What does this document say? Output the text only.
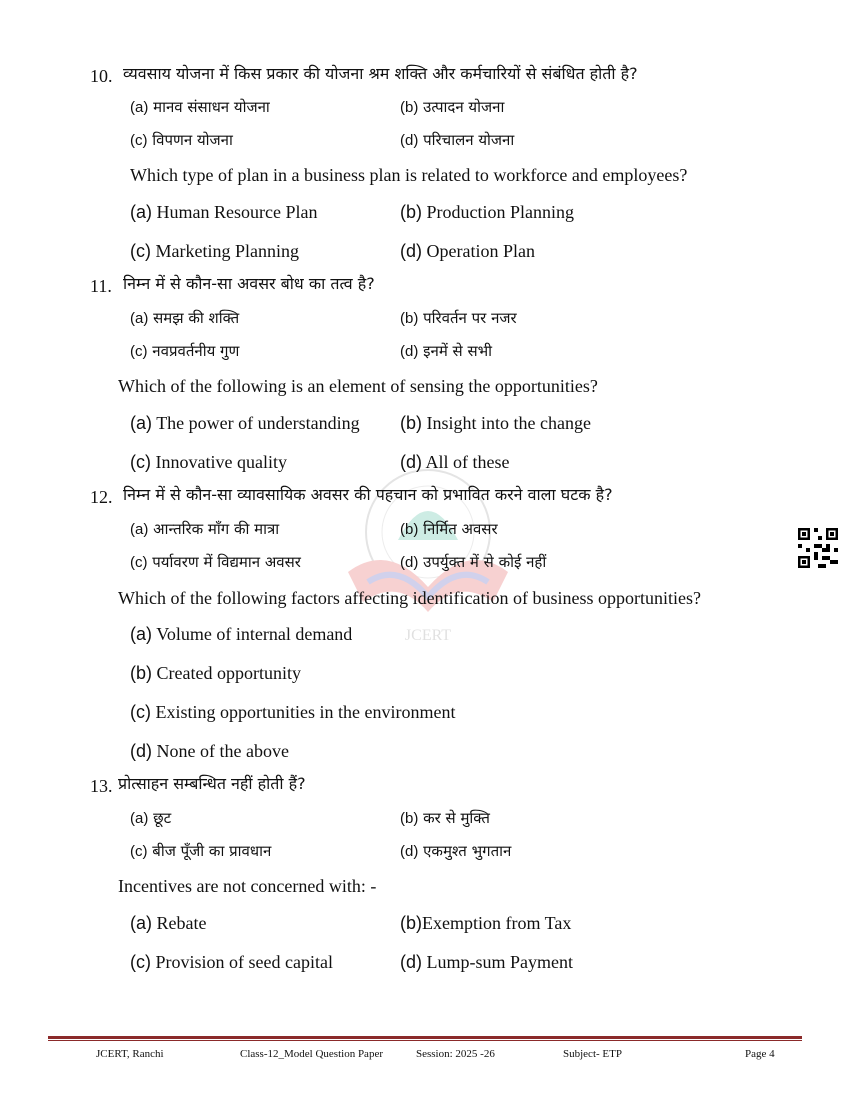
JCERT
10. व्यवसाय योजना में किस प्रकार की योजना श्रम शक्ति और कर्मचारियों से संबंधित होती है?
(a) मानव संसाधन योजना	(b) उत्पादन योजना
(c) विपणन योजना	(d) परिचालन योजना
Which type of plan in a business plan is related to workforce and employees?
(a) Human Resource Plan	(b) Production Planning
(c) Marketing Planning	(d) Operation Plan
11. निम्न में से कौन-सा अवसर बोध का तत्व है?
(a) समझ की शक्ति	(b) परिवर्तन पर नजर
(c) नवप्रवर्तनीय गुण	(d) इनमें से सभी
Which of the following is an element of sensing the opportunities?
(a) The power of understanding (b) Insight into the change
(c) Innovative quality	(d) All of these
12. निम्न में से कौन-सा व्यावसायिक अवसर की पहचान को प्रभावित करने वाला घटक है?
(a) आन्तरिक माँग की मात्रा	(b) निर्मित अवसर
(c) पर्यावरण में विद्यमान अवसर	(d) उपर्युक्त में से कोई नहीं
Which of the following factors affecting identification of business opportunities?
(a) Volume of internal demand
(b) Created opportunity
(c) Existing opportunities in the environment
(d) None of the above
13. प्रोत्साहन सम्बन्धित नहीं होती हैं?
(a) छूट	(b) कर से मुक्ति
(c) बीज पूँजी का प्रावधान	(d) एकमुश्त भुगतान
Incentives are not concerned with: -
(a) Rebate	(b)Exemption from Tax
(c) Provision of seed capital	(d) Lump-sum Payment
JCERT, Ranchi	Class-12_Model Question Paper	Session: 2025 -26	Subject- ETP	Page 4
